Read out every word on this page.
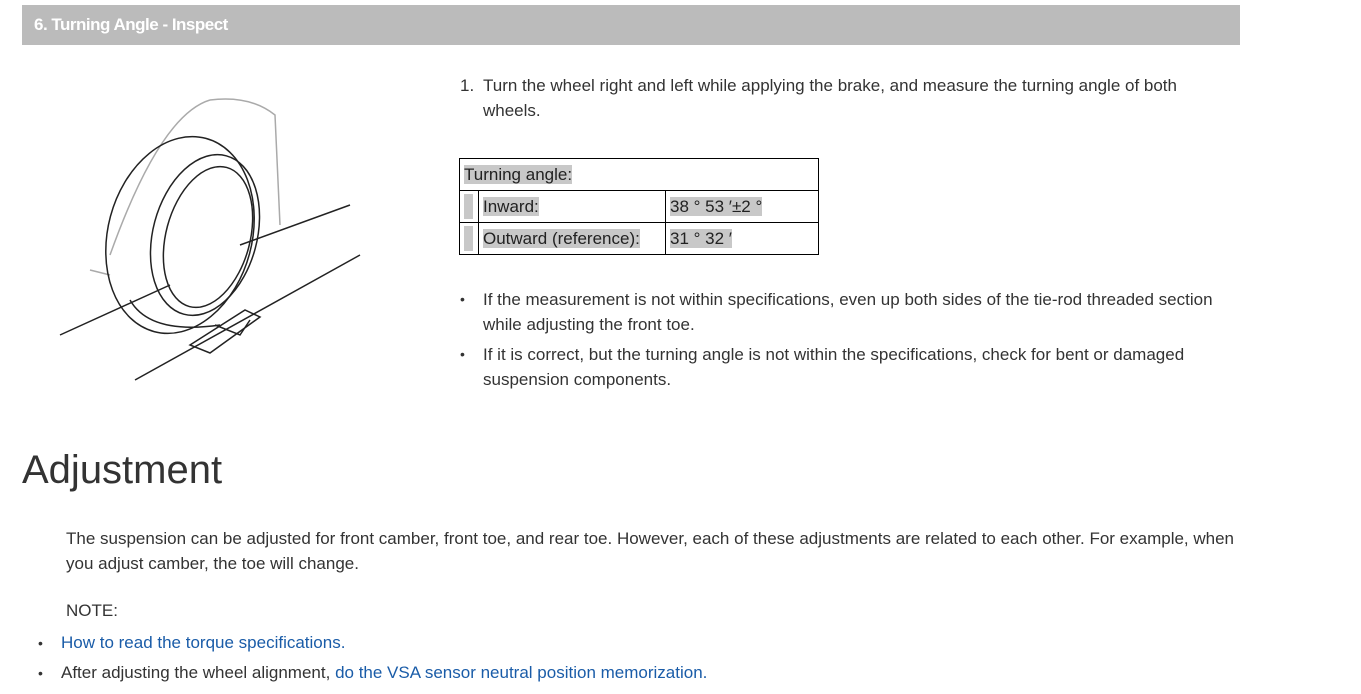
6. Turning Angle - Inspect
1. Turn the wheel right and left while applying the brake, and measure the turning angle of both wheels.
Turning angle:		
	Inward:	38 ° 53 ′±2 °
	Outward (reference):	31 ° 32 ′
• If the measurement is not within specifications, even up both sides of the tie-rod threaded section while adjusting the front toe.
• If it is correct, but the turning angle is not within the specifications, check for bent or damaged suspension components.
Adjustment
The suspension can be adjusted for front camber, front toe, and rear toe. However, each of these adjustments are related to each other. For example, when you adjust camber, the toe will change.
NOTE:
• How to read the torque specifications.
• After adjusting the wheel alignment, do the VSA sensor neutral position memorization.
